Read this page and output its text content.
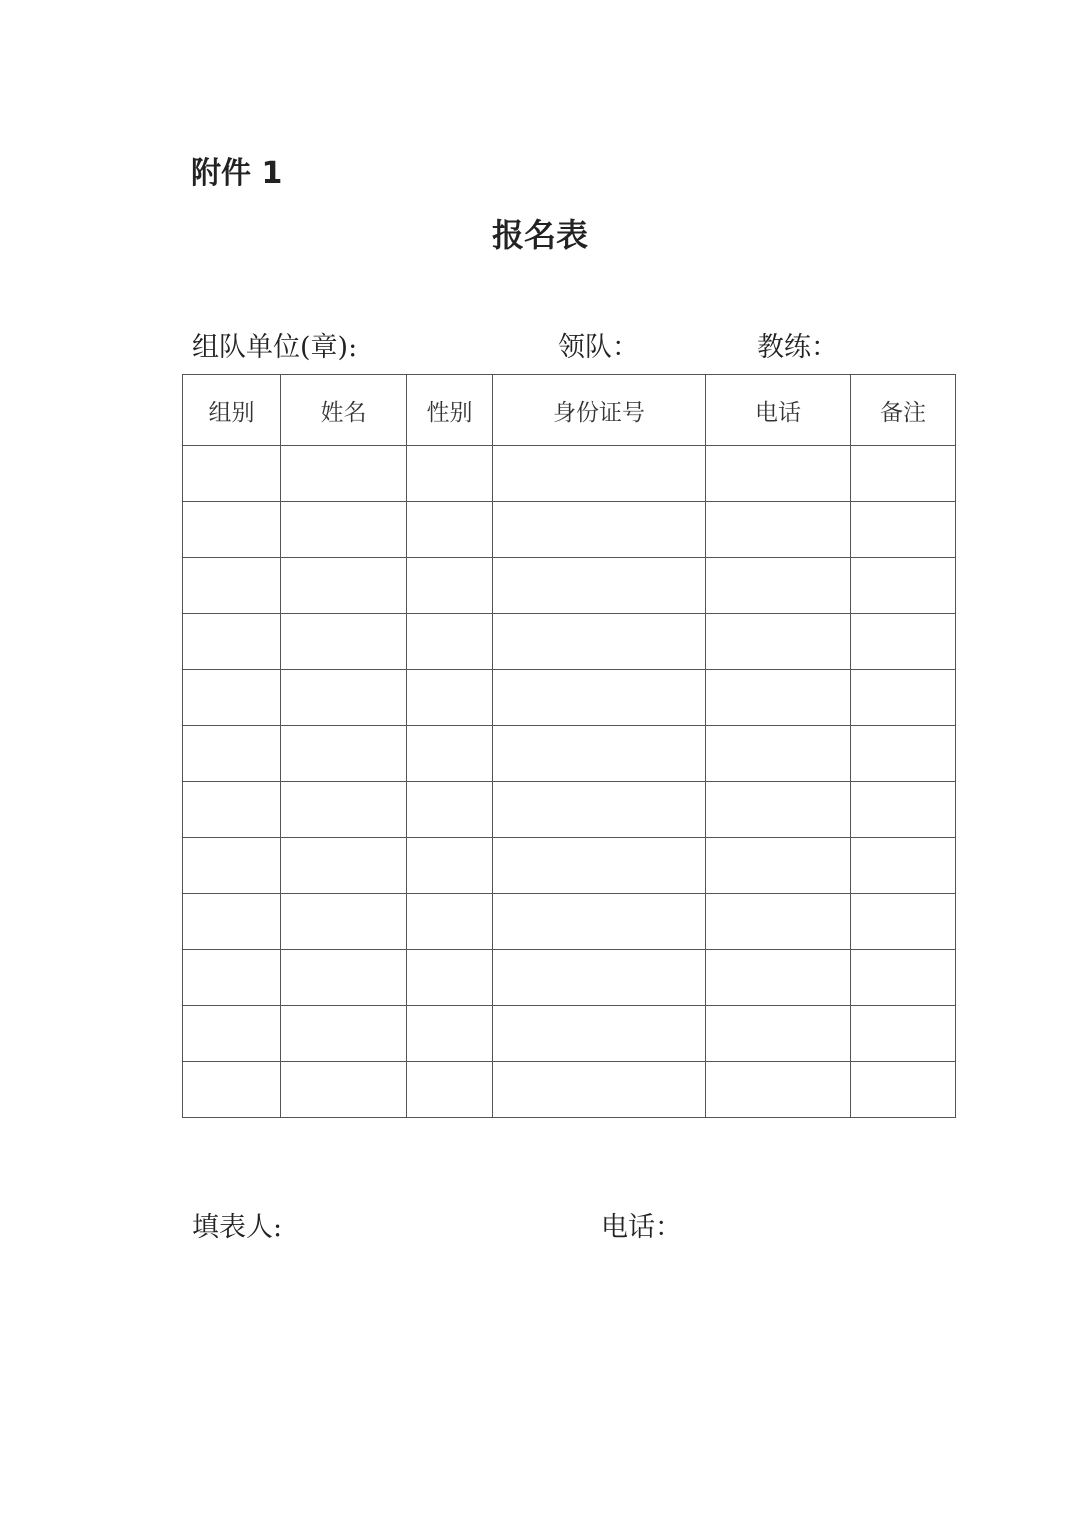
附件 1
报名表
组队单位(章):	领队：	教练：
组别	姓名	性别	身份证号	电话	备注

填表人:	电话：
